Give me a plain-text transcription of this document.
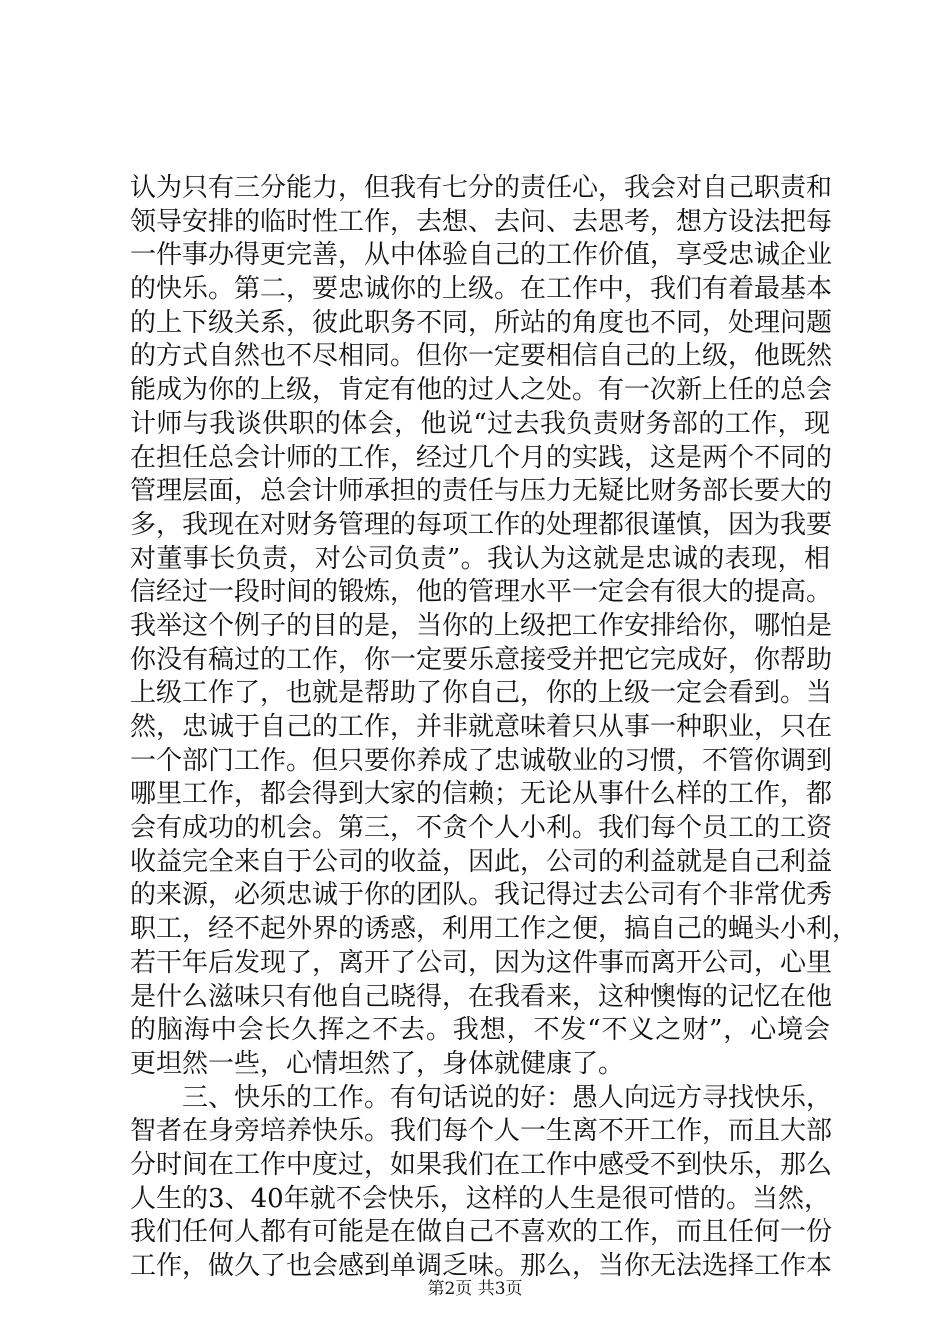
认为只有三分能力，但我有七分的责任心，我会对自己职责和
领导安排的临时性工作，去想、去问、去思考，想方设法把每
一件事办得更完善，从中体验自己的工作价值，享受忠诚企业
的快乐。第二，要忠诚你的上级。在工作中，我们有着最基本
的上下级关系，彼此职务不同，所站的角度也不同，处理问题
的方式自然也不尽相同。但你一定要相信自己的上级，他既然
能成为你的上级，肯定有他的过人之处。有一次新上任的总会
计师与我谈供职的体会，他说“过去我负责财务部的工作，现
在担任总会计师的工作，经过几个月的实践，这是两个不同的
管理层面，总会计师承担的责任与压力无疑比财务部长要大的
多，我现在对财务管理的每项工作的处理都很谨慎，因为我要
对董事长负责，对公司负责”。我认为这就是忠诚的表现，相
信经过一段时间的锻炼，他的管理水平一定会有很大的提高。
我举这个例子的目的是，当你的上级把工作安排给你，哪怕是
你没有稿过的工作，你一定要乐意接受并把它完成好，你帮助
上级工作了，也就是帮助了你自己，你的上级一定会看到。当
然，忠诚于自己的工作，并非就意味着只从事一种职业，只在
一个部门工作。但只要你养成了忠诚敬业的习惯，不管你调到
哪里工作，都会得到大家的信赖；无论从事什么样的工作，都
会有成功的机会。第三，不贪个人小利。我们每个员工的工资
收益完全来自于公司的收益，因此，公司的利益就是自己利益
的来源，必须忠诚于你的团队。我记得过去公司有个非常优秀
职工，经不起外界的诱惑，利用工作之便，搞自己的蝇头小利，
若干年后发现了，离开了公司，因为这件事而离开公司，心里
是什么滋味只有他自己晓得，在我看来，这种懊悔的记忆在他
的脑海中会长久挥之不去。我想，不发“不义之财”，心境会
更坦然一些，心情坦然了，身体就健康了。
三、快乐的工作。有句话说的好：愚人向远方寻找快乐，
智者在身旁培养快乐。我们每个人一生离不开工作，而且大部
分时间在工作中度过，如果我们在工作中感受不到快乐，那么
人生的3、40年就不会快乐，这样的人生是很可惜的。当然，
我们任何人都有可能是在做自己不喜欢的工作，而且任何一份
工作，做久了也会感到单调乏味。那么，当你无法选择工作本
第2页 共3页
